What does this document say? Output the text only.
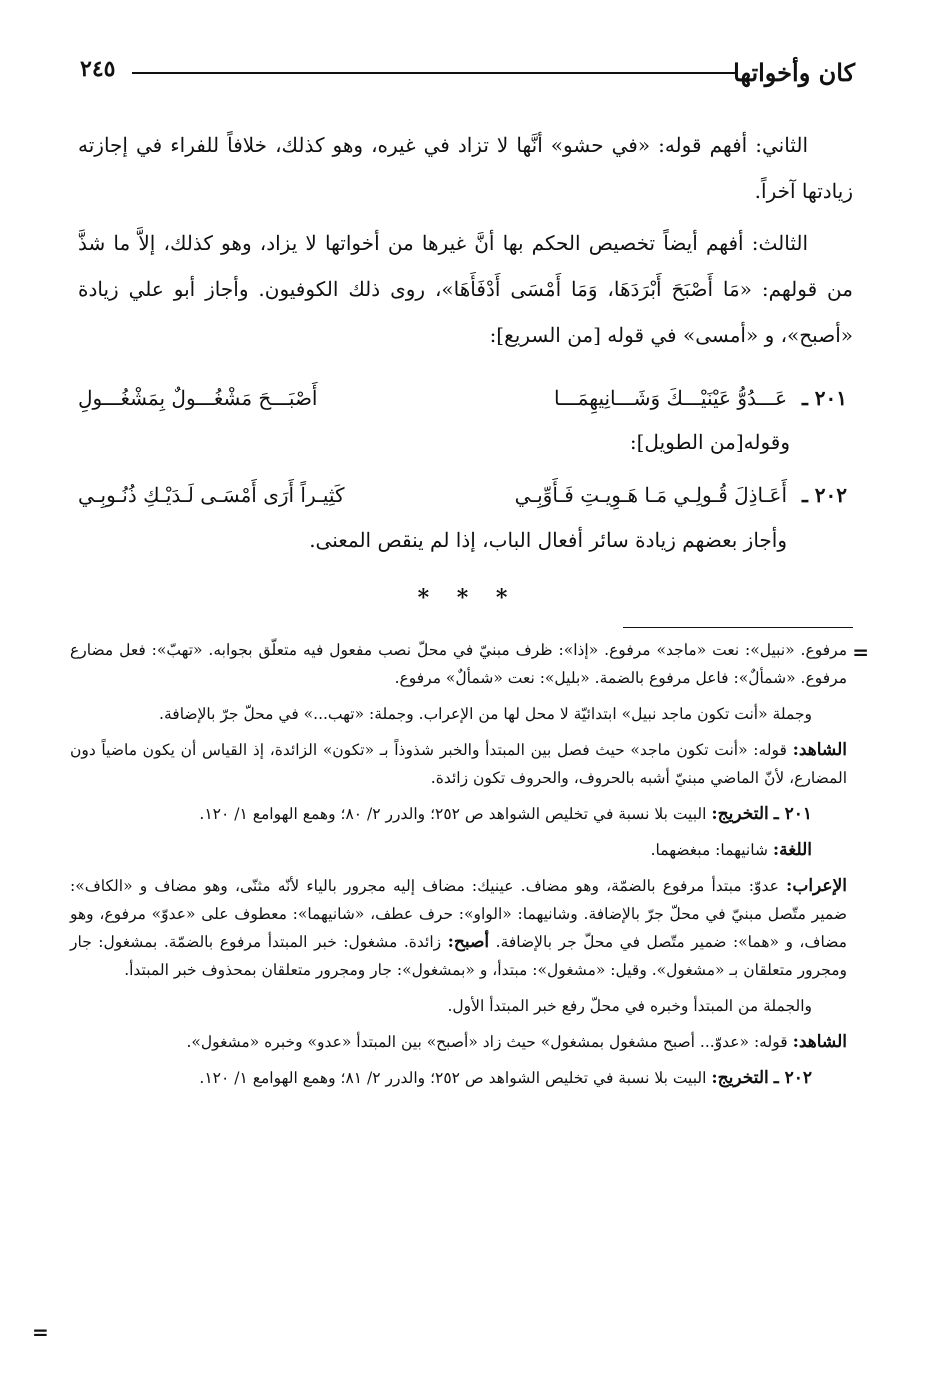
كان وأخواتها
٢٤٥

الثاني: أفهم قوله: «في حشو» أنَّها لا تزاد في غيره، وهو كذلك، خلافاً للفراء في إجازته زيادتها آخراً.

الثالث: أفهم أيضاً تخصيص الحكم بها أنَّ غيرها من أخواتها لا يزاد، وهو كذلك، إلاَّ ما شذَّ من قولهم: «مَا أَصْبَحَ أَبْرَدَهَا، وَمَا أَمْسَى أَدْفَأَهَا»، روى ذلك الكوفيون. وأجاز أبو علي زيادة «أصبح»، و «أمسى» في قوله [من السريع]:

٢٠١ ـ
عَـــدُوُّ عَيْنَيْـــكَ وَشَـــانِيهِمَـــا
أَصْبَـــحَ مَشْغُـــولٌ بِمَشْغُـــولِ
وقوله[من الطويل]:
٢٠٢ ـ
أَعَـاذِلَ قُـولِـي مَـا هَـوِيـتِ فَـأَوِّبِـي
كَثِيـراً أَرَى أَمْسَـى لَـدَيْـكِ ذُنُـوبِـي
وأجاز بعضهم زيادة سائر أفعال الباب، إذا لم ينقص المعنى.
* * *
=

مرفوع. «نبيل»: نعت «ماجد» مرفوع. «إذا»: ظرف مبنيّ في محلّ نصب مفعول فيه متعلّق بجوابه. «تهبّ»: فعل مضارع مرفوع. «شمألٌ»: فاعل مرفوع بالضمة. «بليل»: نعت «شمألٌ» مرفوع.

وجملة «أنت تكون ماجد نبيل» ابتدائيّة لا محل لها من الإعراب. وجملة: «تهب...» في محلّ جرّ بالإضافة.

الشاهد: قوله: «أنت تكون ماجد» حيث فصل بين المبتدأ والخبر شذوذاً بـ «تكون» الزائدة، إذ القياس أن يكون ماضياً دون المضارع، لأنّ الماضي مبنيّ أشبه بالحروف، والحروف تكون زائدة.

٢٠١ ـ التخريج: البيت بلا نسبة في تخليص الشواهد ص ٢٥٢؛ والدرر ٢/ ٨٠؛ وهمع الهوامع ١/ ١٢٠.

اللغة: شانيهما: مبغضهما.

الإعراب: عدوّ: مبتدأ مرفوع بالضمّة، وهو مضاف. عينيك: مضاف إليه مجرور بالياء لأنّه مثنّى، وهو مضاف و «الكاف»: ضمير متّصل مبنيّ في محلّ جرّ بالإضافة. وشانيهما: «الواو»: حرف عطف، «شانيهما»: معطوف على «عدوّ» مرفوع، وهو مضاف، و «هما»: ضمير متّصل في محلّ جر بالإضافة. أصبح: زائدة. مشغول: خبر المبتدأ مرفوع بالضمّة. بمشغول: جار ومجرور متعلقان بـ «مشغول». وقيل: «مشغول»: مبتدأ، و «بمشغول»: جار ومجرور متعلقان بمحذوف خبر المبتدأ.

والجملة من المبتدأ وخبره في محلّ رفع خبر المبتدأ الأول.

الشاهد: قوله: «عدوّ... أصبح مشغول بمشغول» حيث زاد «أصبح» بين المبتدأ «عدو» وخبره «مشغول».

٢٠٢ ـ التخريج: البيت بلا نسبة في تخليص الشواهد ص ٢٥٢؛ والدرر ٢/ ٨١؛ وهمع الهوامع ١/ ١٢٠.

=
